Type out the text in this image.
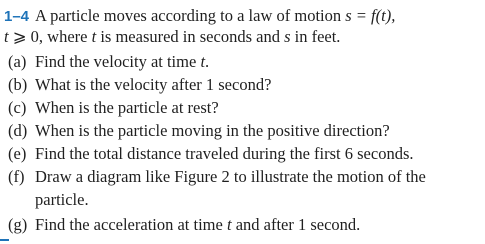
1–4 A particle moves according to a law of motion s = f(t),
t ⩾ 0, where t is measured in seconds and s in feet.
(a) Find the velocity at time t.
(b) What is the velocity after 1 second?
(c) When is the particle at rest?
(d) When is the particle moving in the positive direction?
(e) Find the total distance traveled during the first 6 seconds.
(f) Draw a diagram like Figure 2 to illustrate the motion of the
particle.
(g) Find the acceleration at time t and after 1 second.
